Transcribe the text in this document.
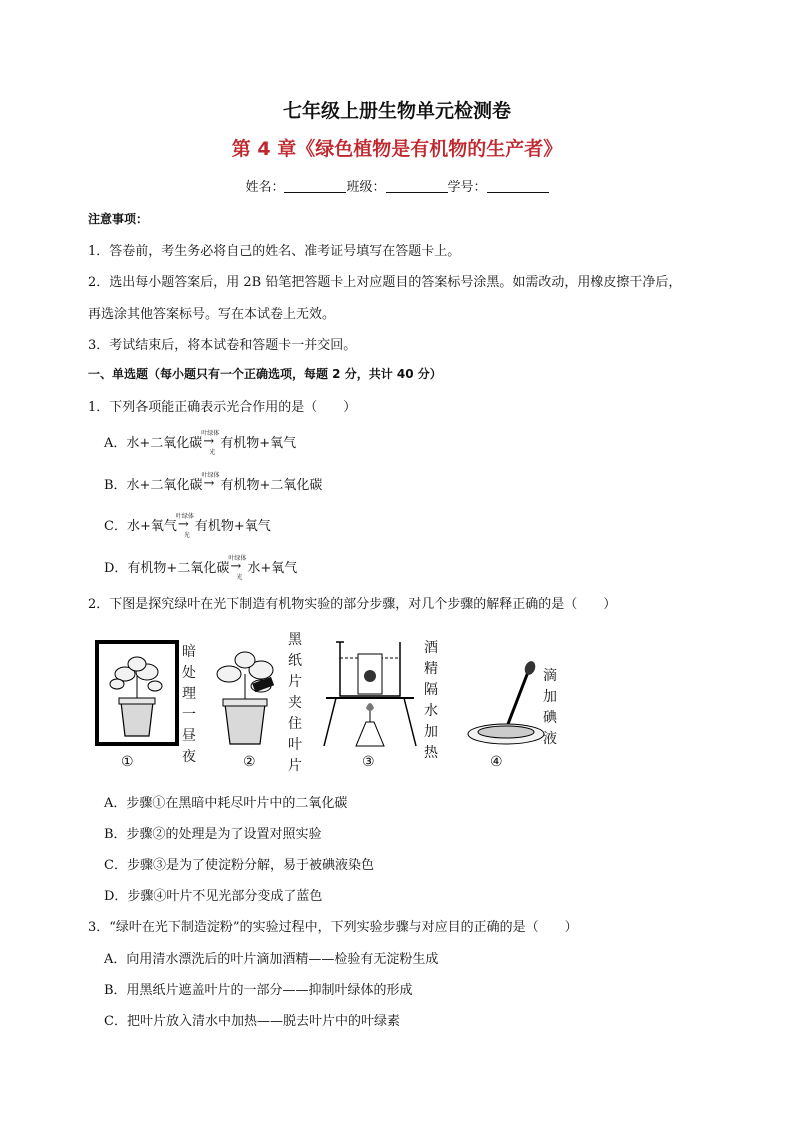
七年级上册生物单元检测卷
第 4 章《绿色植物是有机物的生产者》
姓名：	班级：	学号：
注意事项：
1．答卷前，考生务必将自己的姓名、准考证号填写在答题卡上。
2．选出每小题答案后，用 2B 铅笔把答题卡上对应题目的答案标号涂黑。如需改动，用橡皮擦干净后，
再选涂其他答案标号。写在本试卷上无效。
3．考试结束后，将本试卷和答题卡一并交回。
一、单选题（每小题只有一个正确选项，每题 2 分，共计 40 分）
1．下列各项能正确表示光合作用的是（　　）
A．水+二氧化碳
叶绿体
→
光
有机物+氧气
B．水+二氧化碳
叶绿体
→ 有机物+二氧化碳
C．水+氧气
叶绿体
→
光
有机物+氧气
D．有机物+二氧化碳
叶绿体
→
光
水+氧气
2．下图是探究绿叶在光下制造有机物实验的部分步骤，对几个步骤的解释正确的是（　　）
暗处理一昼夜
①
黑纸片夹住叶片
②
酒精隔水加热
③
滴加碘液
④
A．步骤①在黑暗中耗尽叶片中的二氧化碳
B．步骤②的处理是为了设置对照实验
C．步骤③是为了使淀粉分解，易于被碘液染色
D．步骤④叶片不见光部分变成了蓝色
3．“绿叶在光下制造淀粉”的实验过程中，下列实验步骤与对应目的正确的是（　　）
A．向用清水漂洗后的叶片滴加酒精——检验有无淀粉生成
B．用黑纸片遮盖叶片的一部分——抑制叶绿体的形成
C．把叶片放入清水中加热——脱去叶片中的叶绿素
